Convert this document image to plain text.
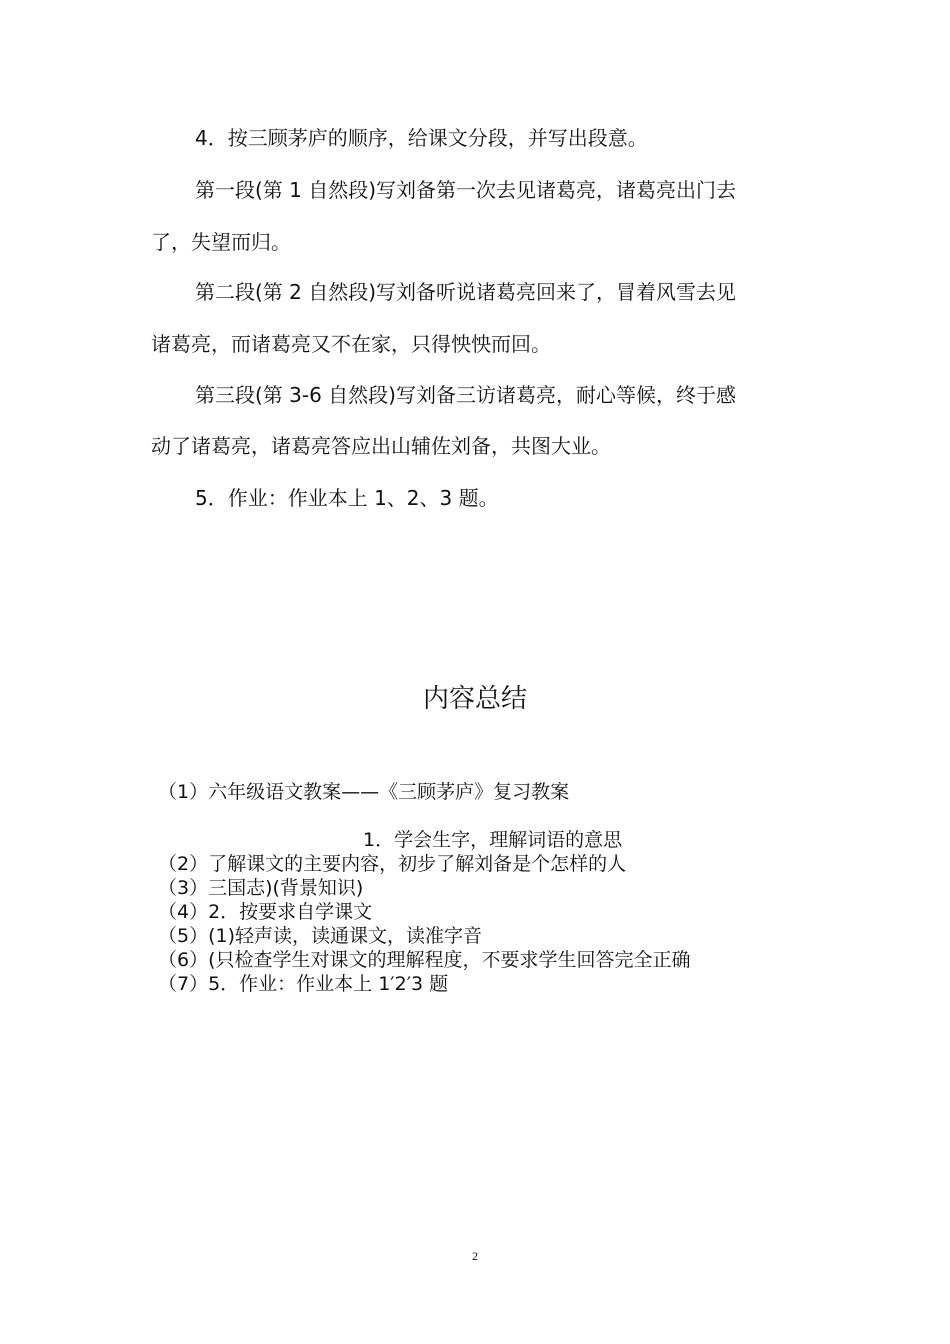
4．按三顾茅庐的顺序，给课文分段，并写出段意。
第一段(第 1 自然段)写刘备第一次去见诸葛亮，诸葛亮出门去
了，失望而归。
第二段(第 2 自然段)写刘备听说诸葛亮回来了，冒着风雪去见
诸葛亮，而诸葛亮又不在家，只得怏怏而回。
第三段(第 3-6 自然段)写刘备三访诸葛亮，耐心等候，终于感
动了诸葛亮，诸葛亮答应出山辅佐刘备，共图大业。
5．作业：作业本上 1、2、3 题。
内容总结
（1）六年级语文教案——《三顾茅庐》复习教案
1．学会生字，理解词语的意思
（2）了解课文的主要内容，初步了解刘备是个怎样的人
（3）三国志)(背景知识)
（4）2．按要求自学课文
（5）(1)轻声读，读通课文，读准字音
（6）(只检查学生对课文的理解程度，不要求学生回答完全正确
（7）5．作业：作业本上 1′2′3 题
2
